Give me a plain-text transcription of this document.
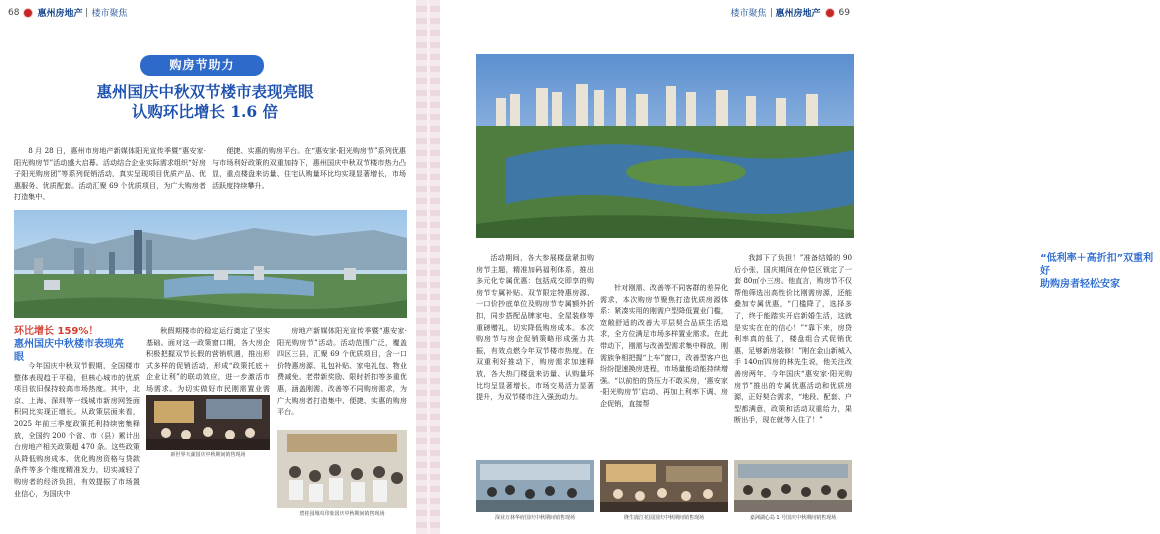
68 惠州房地产 楼市聚焦
购房节助力
惠州国庆中秋双节楼市表现亮眼
认购环比增长 1.6 倍

8 月 28 日，惠州市房地产新媒体阳光宣传季暨“惠安家·阳光购房节”活动盛大启幕。活动结合企业实际需求组织“好房子阳光购房团”等系列促销活动，真实呈现项目优质产品、优惠服务、优质配套。活动汇聚 69 个优质项目，为广大购房者打造集中、

便捷、实惠的购房平台。在“惠安家·阳光购房节”系列优惠与市场利好政策的双重加持下，惠州国庆中秋双节楼市热力凸显，重点楼盘来访量、住宅认购量环比均实现显著增长，市场活跃度持续攀升。

环比增长 159%！
惠州国庆中秋楼市表现亮眼

今年国庆中秋双节假期，全国楼市整体表现趋于平稳，但核心城市的优质项目依旧保持较高市场热度。其中，北京、上海、深圳等一线城市新房网签面积同比实现正增长。从政策层面来看，2025 年前三季度政策托利持续密集释放，全国约 200 个省、市（县）累计出台房地产相关政策超 470 条。这些政策从降低购房成本、优化购房资格与贷款条件等多个维度精准发力，切实减轻了购房者的经济负担，有效提振了市场置业信心，为国庆中

秋假期楼市的稳定运行奠定了坚实基础。面对这一政策窗口期，各大房企积极把握双节长假的营销机遇，推出形式多样的促销活动，形成“政策托底＋企业让利”的联动效应，进一步激活市场需求。为切实做好市民刚需置业需

房地产新媒体阳光宣传季暨“惠安家·阳光购房节”活动。活动范围广泛，覆盖四区三县，汇聚 69 个优质项目，含一口价特惠房源、礼包补贴、家电礼包、物业费减免、老带新奖励、限时折扣等多重优惠，涵盖刚需、改善等不同购房需求，为广大购房者打造集中、便捷、实惠的购房平台。

新世界天湖国庆中秋期间销售现场
碧桂园城央印象国庆中秋期间销售现场
楼市聚焦 惠州房地产 69

活动期间，各大参展楼盘紧扣购房节主题，精准加码福利体系，推出多元化专属优惠：包括成交即享的购房节专属补贴、双节限定特惠房源、一口价抄底单位及购房节专属额外折扣，同步搭配品牌家电、全屋装修等重磅赠礼，切实降低购房成本。本次购房节与房企促销策略形成强力共振，有效点燃今年双节楼市热度。在双重利好推动下，购房需求加速释放，各大热门楼盘来访量、认购量环比均呈显著增长，市场交易活力显著提升，为双节楼市注入强劲动力。

“低利率＋高折扣”双重利好
助购房者轻松安家

针对刚需、改善等不同客群的差异化需求，本次购房节聚焦打造优质房源体系：紧凑实用的刚需户型降低置业门槛，宽敞舒适的改善大平层契合品质生活追求，全方位满足市场多样置业需求。在此带动下，刚需与改善型需求集中释放，刚需族争相把握“上车”窗口，改善型客户也纷纷提速换房进程，市场量能动能持续增强。“以前怕的贷压力不敢买房，‘惠安家·阳光购房节’启动、再加上利率下调、房企促销，直接帮

我卸下了负担！”准备结婚的 90 后小张，国庆期间在仲恺区锁定了一套 80㎡小三房。他直言，购房节不仅帮他筛选出高性价比刚需房源，还能叠加专属优惠，“门槛降了，选择多了，终于能踏实开启新婚生活，这就是实实在在的信心！”“靠下来，房贷利率真的低了，楼盘组合式促销优惠，足够新房装修！”刚在金山新城入手 140㎡四房的林先生说，他关注改善房两年，今年国庆“惠安家·阳光购房节”推出的专属优惠活动和优质房源，正好契合需求，“地段、配套、户型都满意，政策和活动双重给力，果断出手，现在就等入住了！”

深业万林华府国庆中秋期间销售现场	隆生鹿江花园国庆中秋期间销售现场	嘉洲湖心岛 1 号国庆中秋期间销售现场
